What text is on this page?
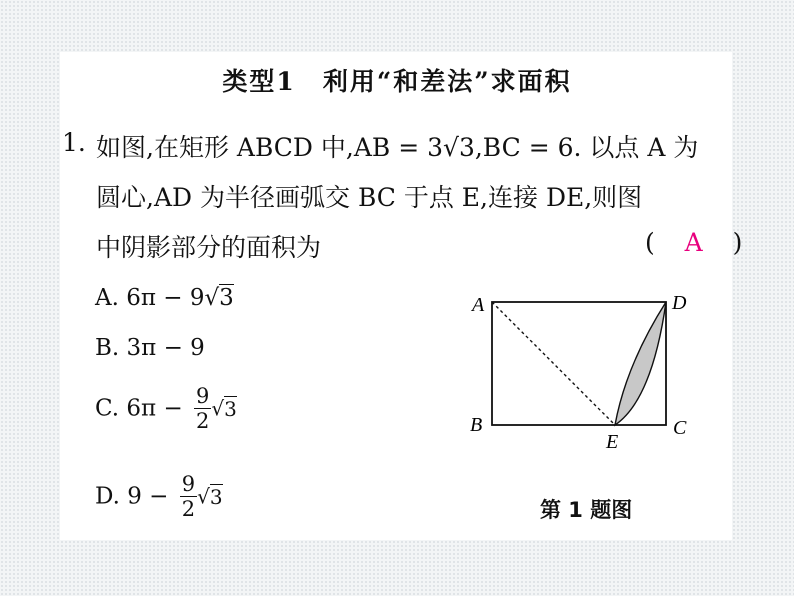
类型1　利用“和差法”求面积
1. 如图,在矩形 ABCD 中,AB = 3√3,BC = 6. 以点 A 为
圆心,AD 为半径画弧交 BC 于点 E,连接 DE,则图
中阴影部分的面积为	( A )
A. 6π − 9√3
B. 3π − 9
C. $6\pi - \frac{9}{2} √3$
D. $9 - \frac{9}{2} √3$
A	D
B	C
E
第 1 题图
